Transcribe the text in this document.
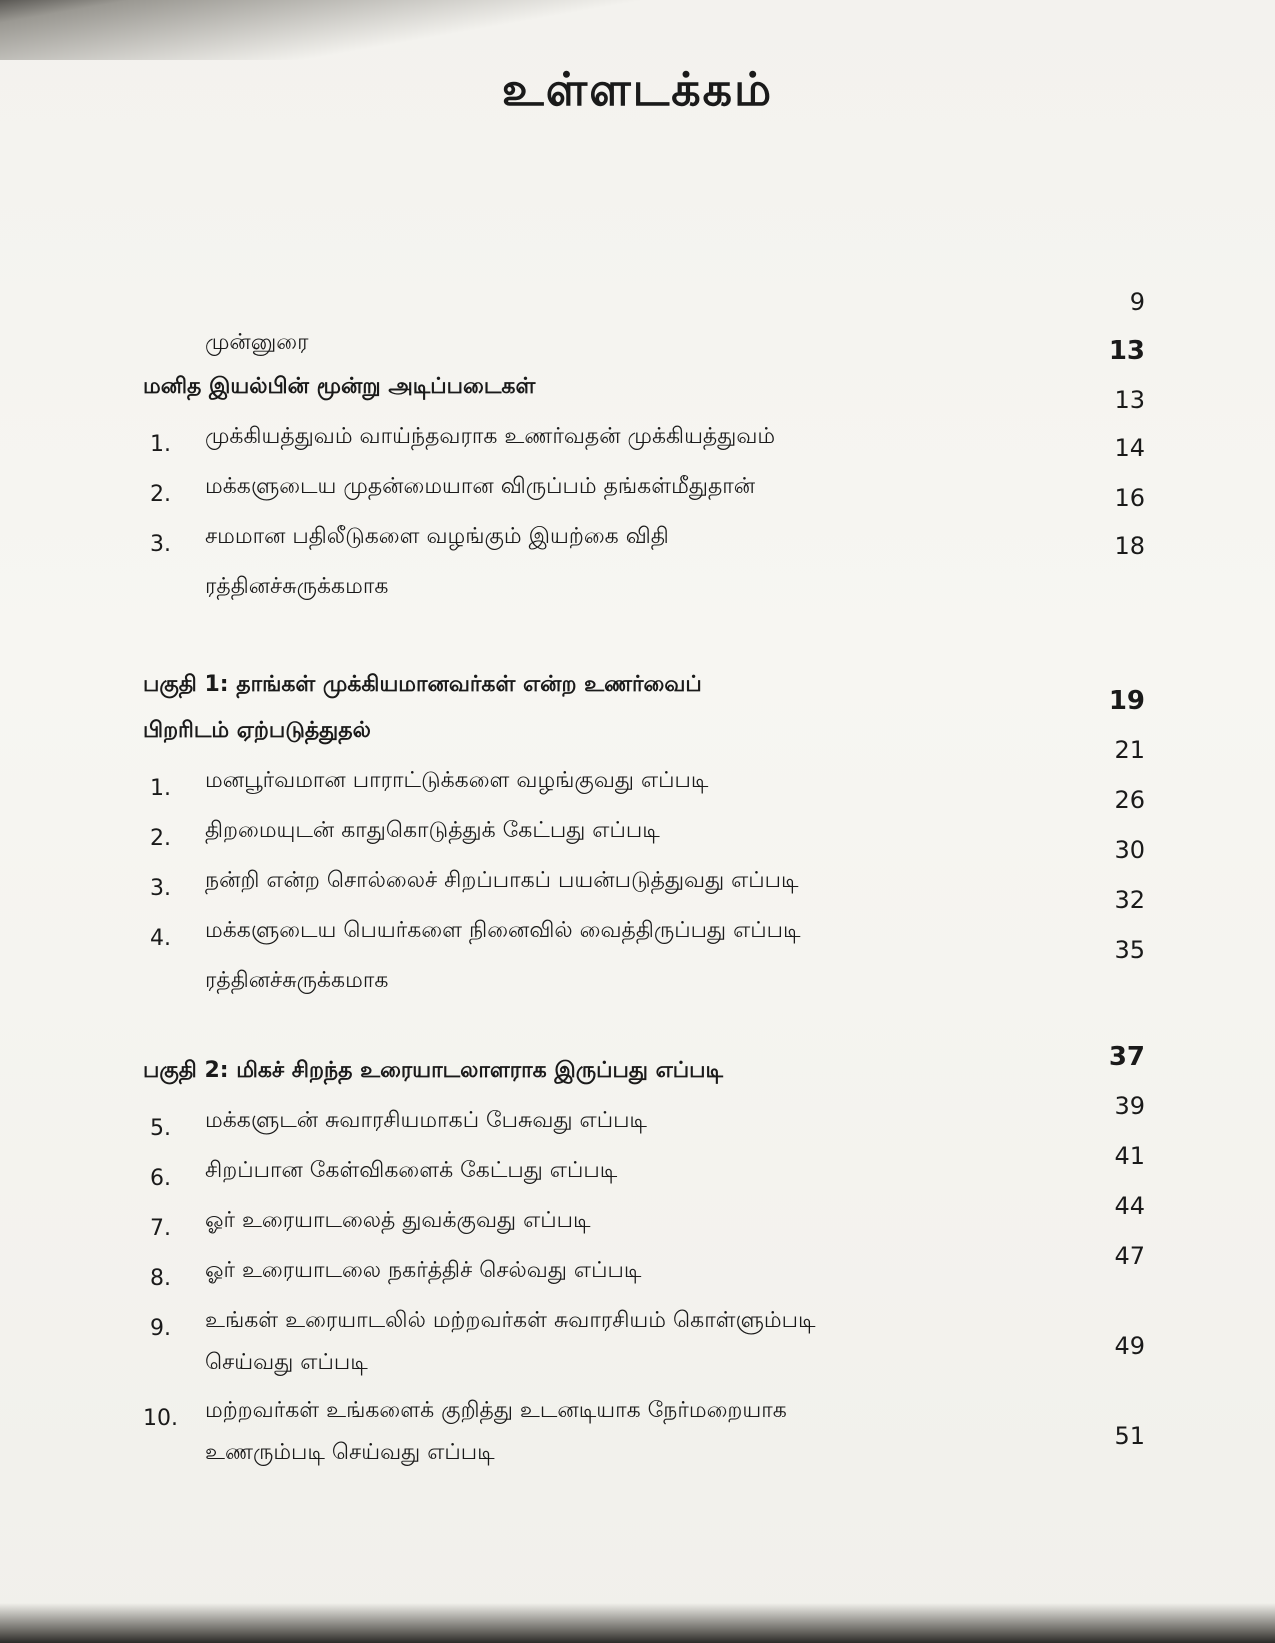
உள்ளடக்கம்
9
13
13
14
16
18
19
21
26
30
32
35
37
39
41
44
47
49
51
முன்னுரை
மனித இயல்பின் மூன்று அடிப்படைகள்
1. முக்கியத்துவம் வாய்ந்தவராக உணர்வதன் முக்கியத்துவம்
2. மக்களுடைய முதன்மையான விருப்பம் தங்கள்மீதுதான்
3. சமமான பதிலீடுகளை வழங்கும் இயற்கை விதி
ரத்தினச்சுருக்கமாக
பகுதி 1: தாங்கள் முக்கியமானவர்கள் என்ற உணர்வைப்
பிறரிடம் ஏற்படுத்துதல்
1. மனபூர்வமான பாராட்டுக்களை வழங்குவது எப்படி
2. திறமையுடன் காதுகொடுத்துக் கேட்பது எப்படி
3. நன்றி என்ற சொல்லைச் சிறப்பாகப் பயன்படுத்துவது எப்படி
4. மக்களுடைய பெயர்களை நினைவில் வைத்திருப்பது எப்படி
ரத்தினச்சுருக்கமாக
பகுதி 2: மிகச் சிறந்த உரையாடலாளராக இருப்பது எப்படி
5. மக்களுடன் சுவாரசியமாகப் பேசுவது எப்படி
6. சிறப்பான கேள்விகளைக் கேட்பது எப்படி
7. ஓர் உரையாடலைத் துவக்குவது எப்படி
8. ஓர் உரையாடலை நகர்த்திச் செல்வது எப்படி
9. உங்கள் உரையாடலில் மற்றவர்கள் சுவாரசியம் கொள்ளும்படி
செய்வது எப்படி
10. மற்றவர்கள் உங்களைக் குறித்து உடனடியாக நேர்மறையாக
உணரும்படி செய்வது எப்படி
